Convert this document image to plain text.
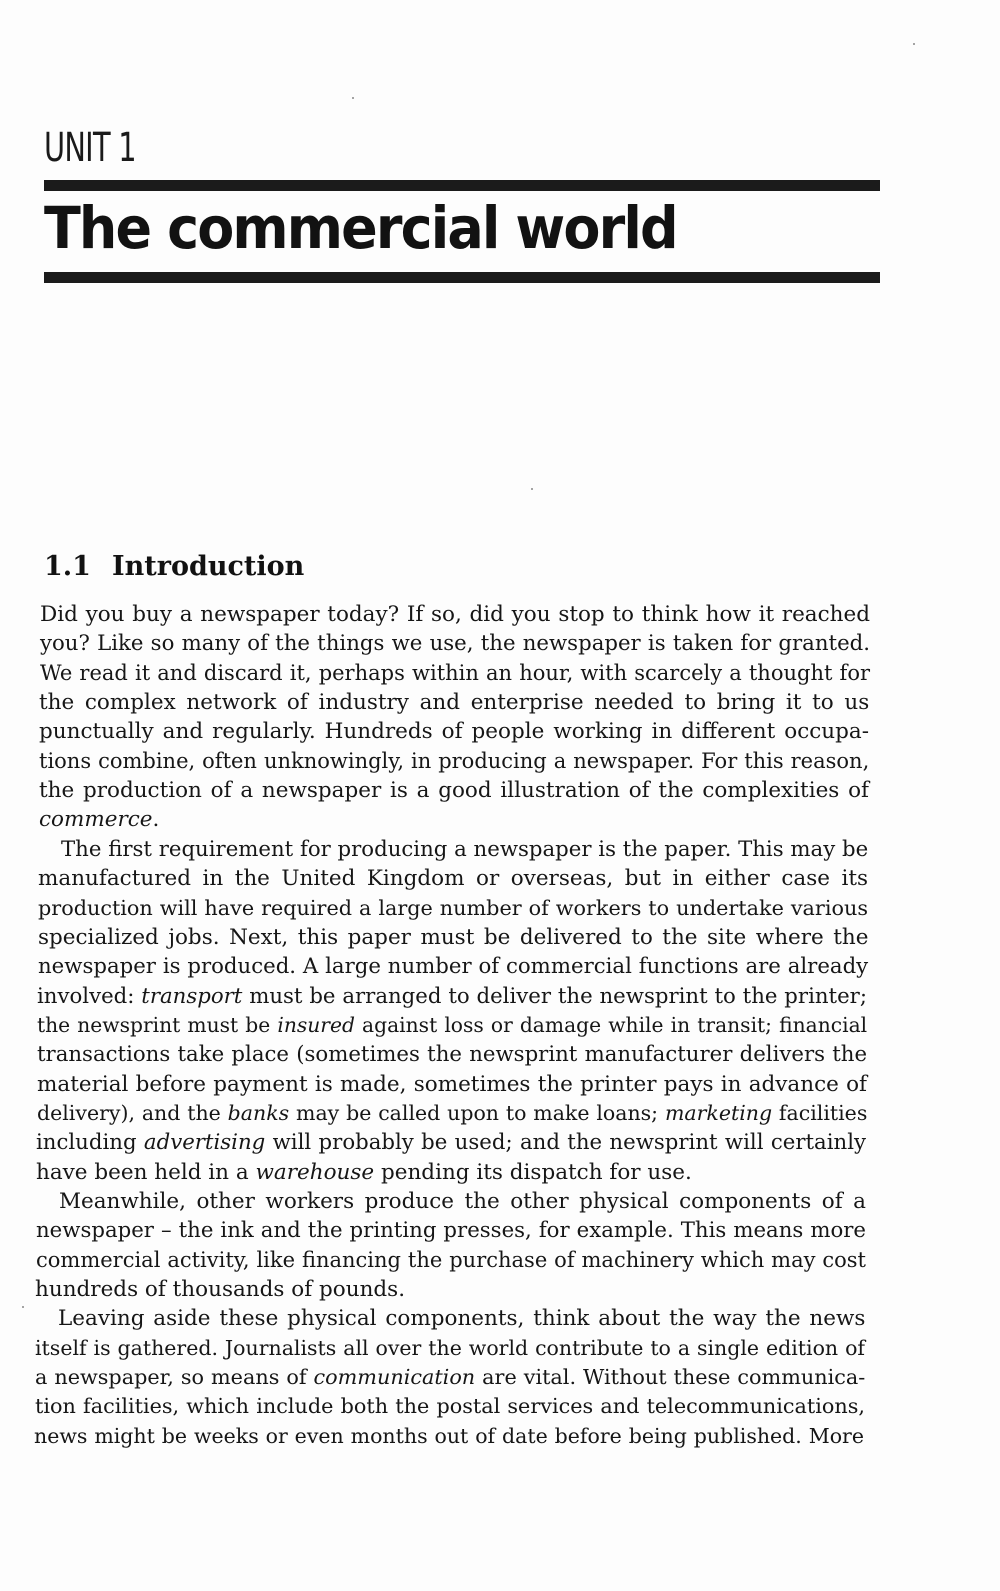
UNIT 1
The commercial world
1.1 Introduction
Did you buy a newspaper today? If so, did you stop to think how it reached
you? Like so many of the things we use, the newspaper is taken for granted.
We read it and discard it, perhaps within an hour, with scarcely a thought for
the complex network of industry and enterprise needed to bring it to us
punctually and regularly. Hundreds of people working in different occupa-
tions combine, often unknowingly, in producing a newspaper. For this reason,
the production of a newspaper is a good illustration of the complexities of
commerce.
The first requirement for producing a newspaper is the paper. This may be
manufactured in the United Kingdom or overseas, but in either case its
production will have required a large number of workers to undertake various
specialized jobs. Next, this paper must be delivered to the site where the
newspaper is produced. A large number of commercial functions are already
involved: transport must be arranged to deliver the newsprint to the printer;
the newsprint must be insured against loss or damage while in transit; financial
transactions take place (sometimes the newsprint manufacturer delivers the
material before payment is made, sometimes the printer pays in advance of
delivery), and the banks may be called upon to make loans; marketing facilities
including advertising will probably be used; and the newsprint will certainly
have been held in a warehouse pending its dispatch for use.
Meanwhile, other workers produce the other physical components of a
newspaper – the ink and the printing presses, for example. This means more
commercial activity, like financing the purchase of machinery which may cost
hundreds of thousands of pounds.
Leaving aside these physical components, think about the way the news
itself is gathered. Journalists all over the world contribute to a single edition of
a newspaper, so means of communication are vital. Without these communica-
tion facilities, which include both the postal services and telecommunications,
news might be weeks or even months out of date before being published. More
